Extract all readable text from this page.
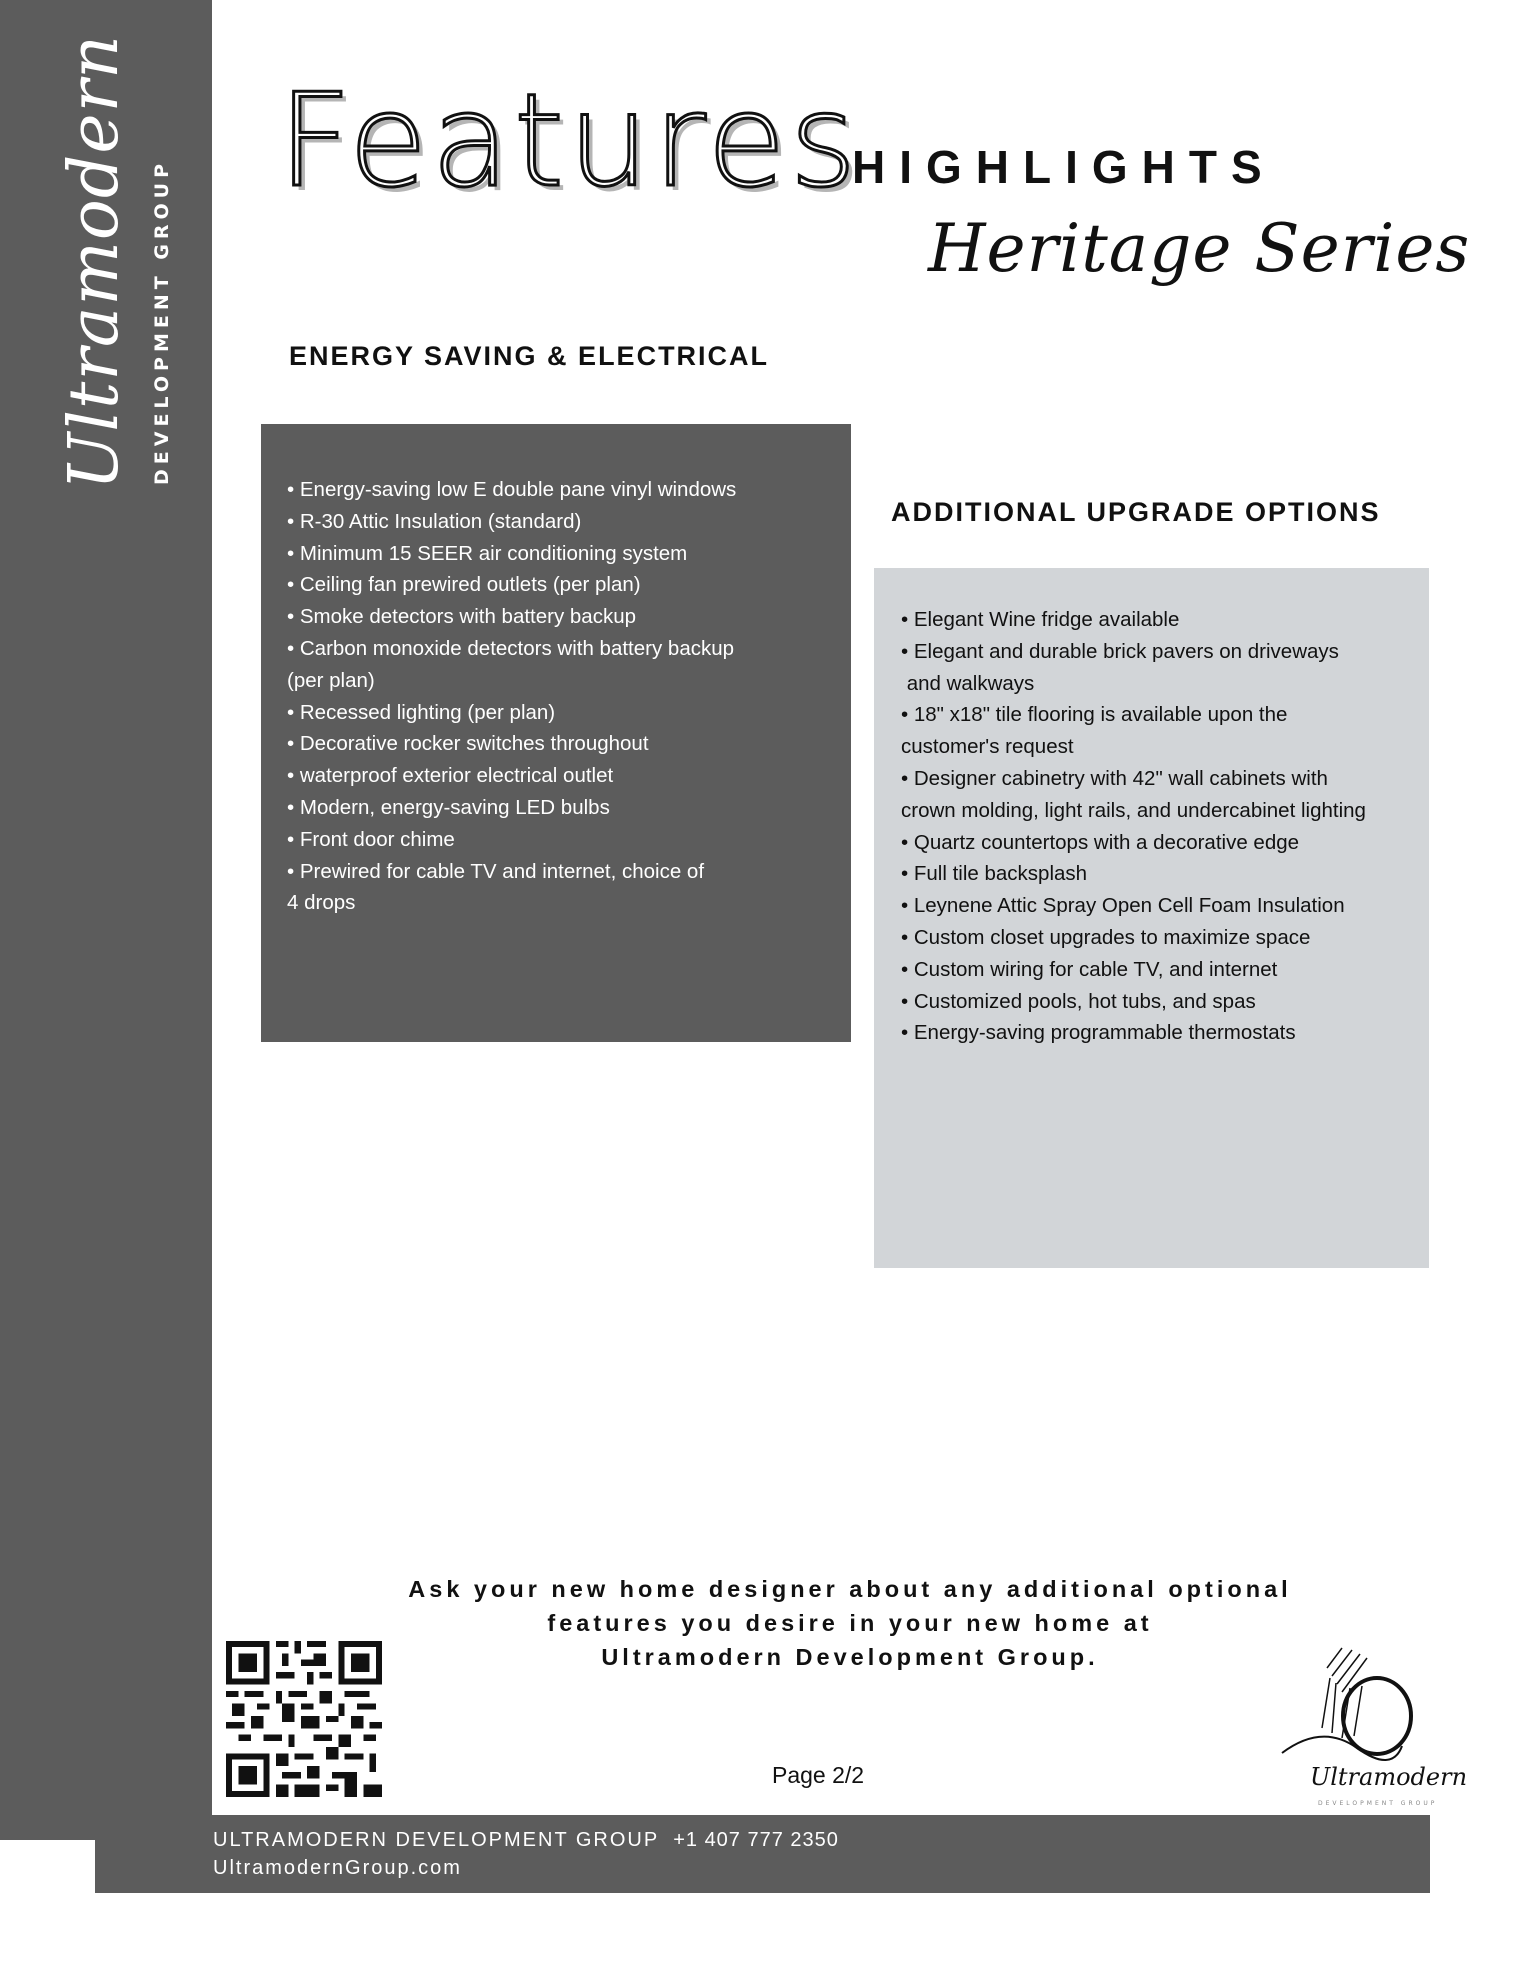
Ultramodern DEVELOPMENT GROUP
Features
HIGHLIGHTS
Heritage Series
ENERGY SAVING & ELECTRICAL
• Energy-saving low E double pane vinyl windows
• R-30 Attic Insulation (standard)
• Minimum 15 SEER air conditioning system
• Ceiling fan prewired outlets (per plan)
• Smoke detectors with battery backup
• Carbon monoxide detectors with battery backup
(per plan)
• Recessed lighting (per plan)
• Decorative rocker switches throughout
• waterproof exterior electrical outlet
• Modern, energy-saving LED bulbs
• Front door chime
• Prewired for cable TV and internet, choice of
4 drops
ADDITIONAL UPGRADE OPTIONS
• Elegant Wine fridge available
• Elegant and durable brick pavers on driveways
and walkways
• 18" x18" tile flooring is available upon the
customer's request
• Designer cabinetry with 42" wall cabinets with
crown molding, light rails, and undercabinet lighting
• Quartz countertops with a decorative edge
• Full tile backsplash
• Leynene Attic Spray Open Cell Foam Insulation
• Custom closet upgrades to maximize space
• Custom wiring for cable TV, and internet
• Customized pools, hot tubs, and spas
• Energy-saving programmable thermostats
Ask your new home designer about any additional optional
features you desire in your new home at
Ultramodern Development Group.
Page 2/2	Ultramodern
DEVELOPMENT GROUP
ULTRAMODERN DEVELOPMENT GROUP +1 407 777 2350
UltramodernGroup.com
